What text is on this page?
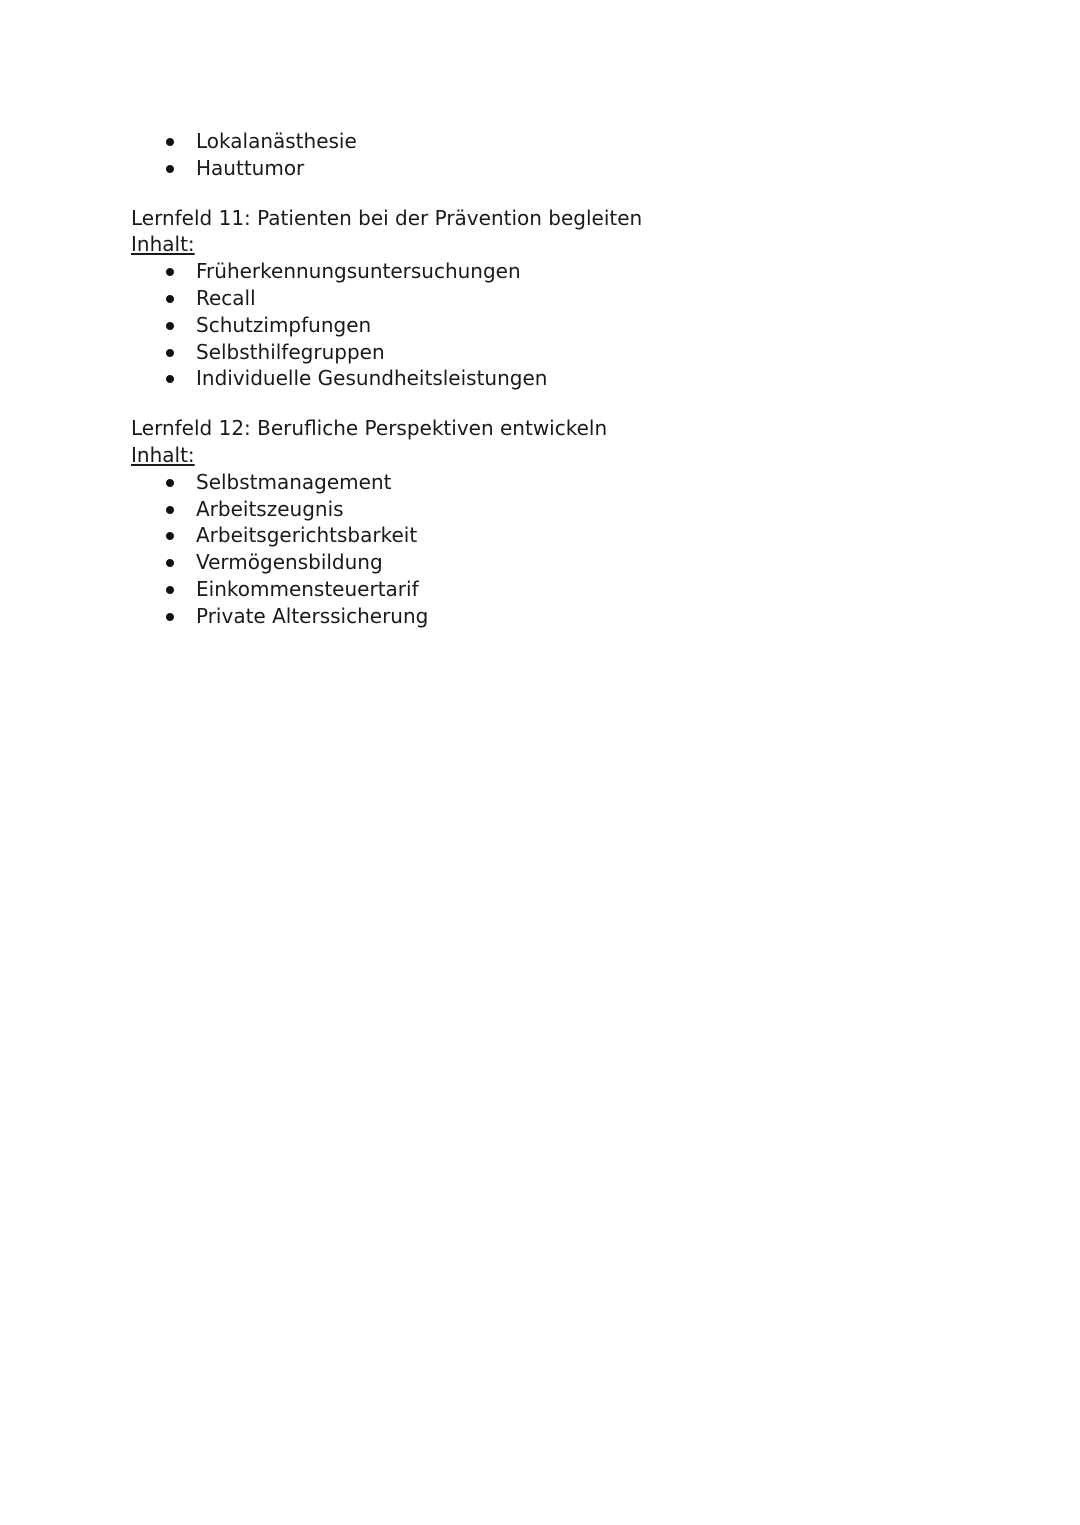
Lokalanästhesie
Hauttumor
Lernfeld 11: Patienten bei der Prävention begleiten
Inhalt:
Früherkennungsuntersuchungen
Recall
Schutzimpfungen
Selbsthilfegruppen
Individuelle Gesundheitsleistungen
Lernfeld 12: Berufliche Perspektiven entwickeln
Inhalt:
Selbstmanagement
Arbeitszeugnis
Arbeitsgerichtsbarkeit
Vermögensbildung
Einkommensteuertarif
Private Alterssicherung
